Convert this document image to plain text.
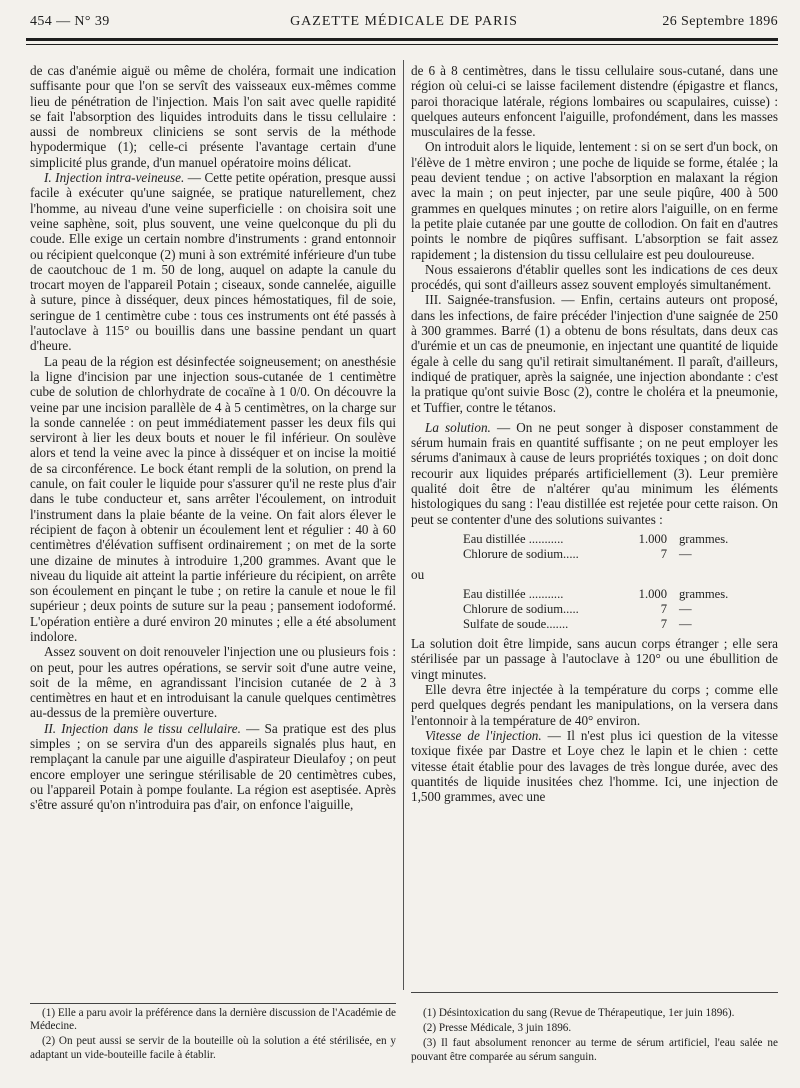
454 — N° 39	GAZETTE MÉDICALE DE PARIS	26 Septembre 1896

de cas d'anémie aiguë ou même de choléra, formait une indication suffisante pour que l'on se servît des vaisseaux eux-mêmes comme lieu de pénétration de l'injection. Mais l'on sait avec quelle rapidité se fait l'absorption des liquides introduits dans le tissu cellulaire : aussi de nombreux cliniciens se sont servis de la méthode hypodermique (1); celle-ci présente l'avantage certain d'une simplicité plus grande, d'un manuel opératoire moins délicat.

I. Injection intra-veineuse. — Cette petite opération, presque aussi facile à exécuter qu'une saignée, se pratique naturellement, chez l'homme, au niveau d'une veine superficielle : on choisira soit une veine saphène, soit, plus souvent, une veine quelconque du pli du coude. Elle exige un certain nombre d'instruments : grand entonnoir ou récipient quelconque (2) muni à son extrémité inférieure d'un tube de caoutchouc de 1 m. 50 de long, auquel on adapte la canule du trocart moyen de l'appareil Potain ; ciseaux, sonde cannelée, aiguille à suture, pince à disséquer, deux pinces hémostatiques, fil de soie, seringue de 1 centimètre cube : tous ces instruments ont été passés à l'autoclave à 115° ou bouillis dans une bassine pendant un quart d'heure.

La peau de la région est désinfectée soigneusement; on anesthésie la ligne d'incision par une injection sous-cutanée de 1 centimètre cube de solution de chlorhydrate de cocaïne à 1 0/0. On découvre la veine par une incision parallèle de 4 à 5 centimètres, on la charge sur la sonde cannelée : on peut immédiatement passer les deux fils qui serviront à lier les deux bouts et nouer le fil inférieur. On soulève alors et tend la veine avec la pince à disséquer et on incise la moitié de sa circonférence. Le bock étant rempli de la solution, on prend la canule, on fait couler le liquide pour s'assurer qu'il ne reste plus d'air dans le tube conducteur et, sans arrêter l'écoulement, on introduit l'instrument dans la plaie béante de la veine. On fait alors élever le récipient de façon à obtenir un écoulement lent et régulier : 40 à 60 centimètres d'élévation suffisent ordinairement ; on met de la sorte une dizaine de minutes à introduire 1,200 grammes. Avant que le niveau du liquide ait atteint la partie inférieure du récipient, on arrête son écoulement en pinçant le tube ; on retire la canule et noue le fil supérieur ; deux points de suture sur la peau ; pansement iodoformé. L'opération entière a duré environ 20 minutes ; elle a été absolument indolore.

Assez souvent on doit renouveler l'injection une ou plusieurs fois : on peut, pour les autres opérations, se servir soit d'une autre veine, soit de la même, en agrandissant l'incision cutanée de 2 à 3 centimètres en haut et en introduisant la canule quelques centimètres au-dessus de la première ouverture.

II. Injection dans le tissu cellulaire. — Sa pratique est des plus simples ; on se servira d'un des appareils signalés plus haut, en remplaçant la canule par une aiguille d'aspirateur Dieulafoy ; on peut encore employer une seringue stérilisable de 20 centimètres cubes, ou l'appareil Potain à pompe foulante. La région est aseptisée. Après s'être assuré qu'on n'introduira pas d'air, on enfonce l'aiguille,

de 6 à 8 centimètres, dans le tissu cellulaire sous-cutané, dans une région où celui-ci se laisse facilement distendre (épigastre et flancs, paroi thoracique latérale, régions lombaires ou scapulaires, cuisse) : quelques auteurs enfoncent l'aiguille, profondément, dans les masses musculaires de la fesse.

On introduit alors le liquide, lentement : si on se sert d'un bock, on l'élève de 1 mètre environ ; une poche de liquide se forme, étalée ; la peau devient tendue ; on active l'absorption en malaxant la région avec la main ; on peut injecter, par une seule piqûre, 400 à 500 grammes en quelques minutes ; on retire alors l'aiguille, on en ferme la petite plaie cutanée par une goutte de collodion. On fait en d'autres points le nombre de piqûres suffisant. L'absorption se fait assez rapidement ; la distension du tissu cellulaire est peu douloureuse.

Nous essaierons d'établir quelles sont les indications de ces deux procédés, qui sont d'ailleurs assez souvent employés simultanément.

III. Saignée-transfusion. — Enfin, certains auteurs ont proposé, dans les infections, de faire précéder l'injection d'une saignée de 250 à 300 grammes. Barré (1) a obtenu de bons résultats, dans deux cas d'urémie et un cas de pneumonie, en injectant une quantité de liquide égale à celle du sang qu'il retirait simultanément. Il paraît, d'ailleurs, indiqué de pratiquer, après la saignée, une injection abondante : c'est la pratique qu'ont suivie Bosc (2), contre le choléra et la pneumonie, et Tuffier, contre le tétanos.

La solution. — On ne peut songer à disposer constamment de sérum humain frais en quantité suffisante ; on ne peut employer les sérums d'animaux à cause de leurs propriétés toxiques ; on doit donc recourir aux liquides préparés artificiellement (3). Leur première qualité doit être de n'altérer qu'au minimum les éléments histologiques du sang : l'eau distillée est rejetée pour cette raison. On peut se contenter d'une des solutions suivantes :

Eau distillée ...........	1.000 grammes.
Chlorure de sodium.....	7 —
ou
Eau distillée ...........	1.000 grammes.
Chlorure de sodium.....	7 —
Sulfate de soude.......	7 —

La solution doit être limpide, sans aucun corps étranger ; elle sera stérilisée par un passage à l'autoclave à 120° ou une ébullition de vingt minutes.

Elle devra être injectée à la température du corps ; comme elle perd quelques degrés pendant les manipulations, on la versera dans l'entonnoir à la température de 40° environ.

Vitesse de l'injection. — Il n'est plus ici question de la vitesse toxique fixée par Dastre et Loye chez le lapin et le chien : cette vitesse était établie pour des lavages de très longue durée, avec des quantités de liquide inusitées chez l'homme. Ici, une injection de 1,500 grammes, avec une

(1) Elle a paru avoir la préférence dans la dernière discussion de l'Académie de Médecine.

(2) On peut aussi se servir de la bouteille où la solution a été stérilisée, en y adaptant un vide-bouteille facile à établir.

(1) Désintoxication du sang (Revue de Thérapeutique, 1er juin 1896).

(2) Presse Médicale, 3 juin 1896.

(3) Il faut absolument renoncer au terme de sérum artificiel, l'eau salée ne pouvant être comparée au sérum sanguin.
